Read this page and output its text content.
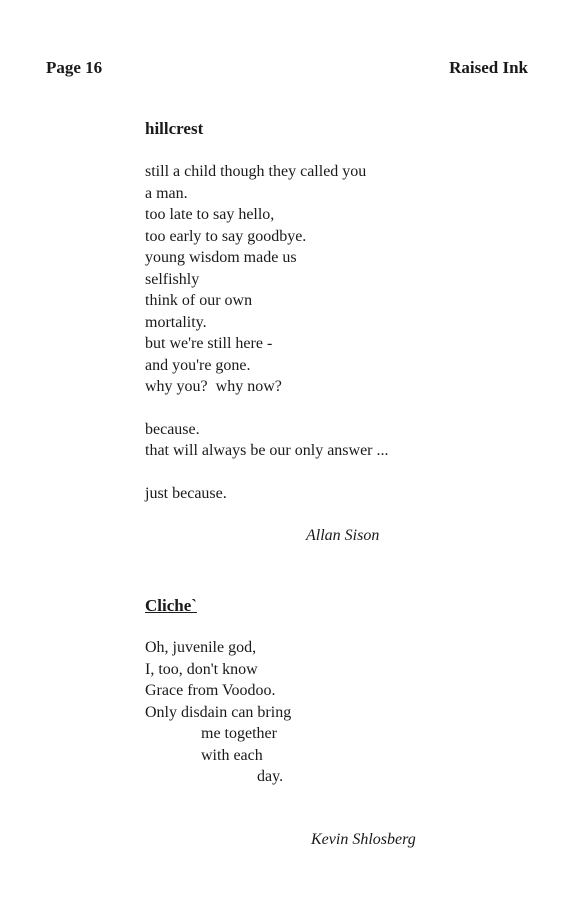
Page 16	Raised Ink
hillcrest
still a child though they called you
a man.
too late to say hello,
too early to say goodbye.
young wisdom made us
selfishly
think of our own
mortality.
but we're still here -
and you're gone.
why you?  why now?
because.
that will always be our only answer ...
just because.
Allan Sison
Cliche`
Oh, juvenile god,
I, too, don't know
Grace from Voodoo.
Only disdain can bring
me together
with each
day.
Kevin Shlosberg
